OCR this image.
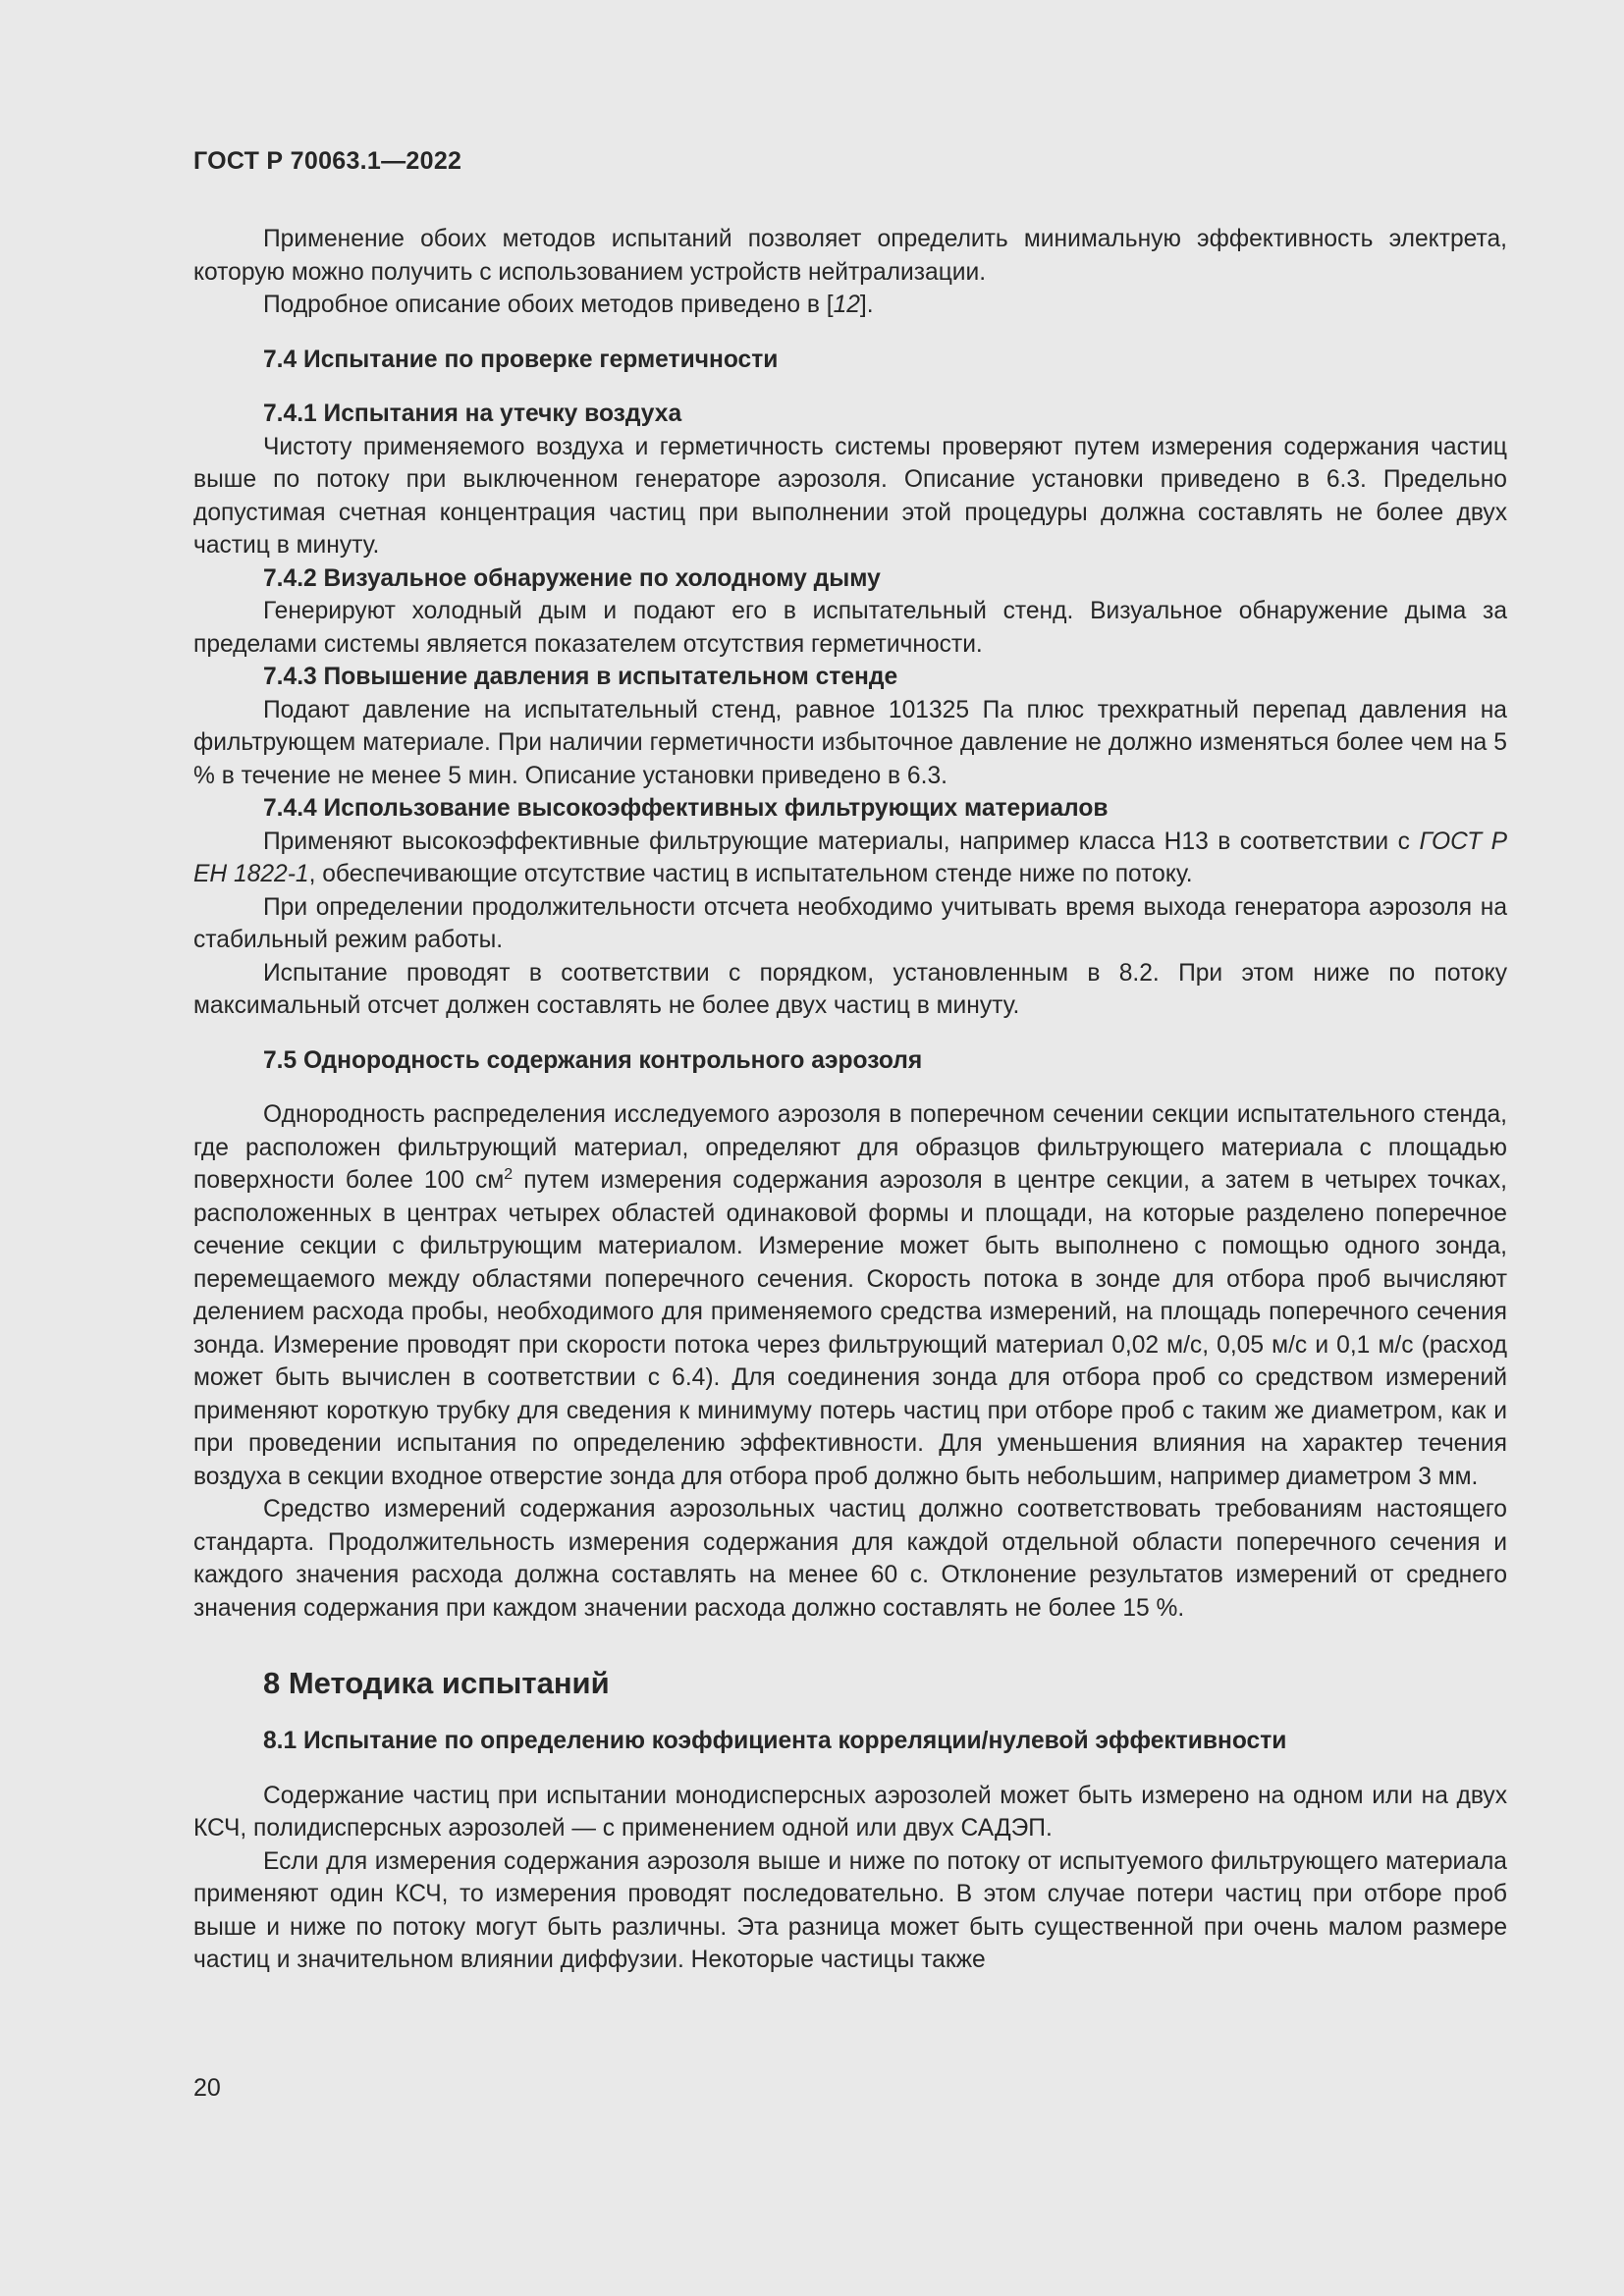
ГОСТ Р 70063.1—2022

Применение обоих методов испытаний позволяет определить минимальную эффективность электрета, которую можно получить с использованием устройств нейтрализации.

Подробное описание обоих методов приведено в [12].

7.4 Испытание по проверке герметичности
7.4.1 Испытания на утечку воздуха

Чистоту применяемого воздуха и герметичность системы проверяют путем измерения содержания частиц выше по потоку при выключенном генераторе аэрозоля. Описание установки приведено в 6.3. Предельно допустимая счетная концентрация частиц при выполнении этой процедуры должна составлять не более двух частиц в минуту.

7.4.2 Визуальное обнаружение по холодному дыму

Генерируют холодный дым и подают его в испытательный стенд. Визуальное обнаружение дыма за пределами системы является показателем отсутствия герметичности.

7.4.3 Повышение давления в испытательном стенде

Подают давление на испытательный стенд, равное 101325 Па плюс трехкратный перепад давления на фильтрующем материале. При наличии герметичности избыточное давление не должно изменяться более чем на 5 % в течение не менее 5 мин. Описание установки приведено в 6.3.

7.4.4 Использование высокоэффективных фильтрующих материалов

Применяют высокоэффективные фильтрующие материалы, например класса Н13 в соответствии с ГОСТ Р ЕН 1822-1, обеспечивающие отсутствие частиц в испытательном стенде ниже по потоку.

При определении продолжительности отсчета необходимо учитывать время выхода генератора аэрозоля на стабильный режим работы.

Испытание проводят в соответствии с порядком, установленным в 8.2. При этом ниже по потоку максимальный отсчет должен составлять не более двух частиц в минуту.

7.5 Однородность содержания контрольного аэрозоля

Однородность распределения исследуемого аэрозоля в поперечном сечении секции испытательного стенда, где расположен фильтрующий материал, определяют для образцов фильтрующего материала с площадью поверхности более 100 $см^2$ путем измерения содержания аэрозоля в центре секции, а затем в четырех точках, расположенных в центрах четырех областей одинаковой формы и площади, на которые разделено поперечное сечение секции с фильтрующим материалом. Измерение может быть выполнено с помощью одного зонда, перемещаемого между областями поперечного сечения. Скорость потока в зонде для отбора проб вычисляют делением расхода пробы, необходимого для применяемого средства измерений, на площадь поперечного сечения зонда. Измерение проводят при скорости потока через фильтрующий материал 0,02 м/с, 0,05 м/с и 0,1 м/с (расход может быть вычислен в соответствии с 6.4). Для соединения зонда для отбора проб со средством измерений применяют короткую трубку для сведения к минимуму потерь частиц при отборе проб с таким же диаметром, как и при проведении испытания по определению эффективности. Для уменьшения влияния на характер течения воздуха в секции входное отверстие зонда для отбора проб должно быть небольшим, например диаметром 3 мм.

Средство измерений содержания аэрозольных частиц должно соответствовать требованиям настоящего стандарта. Продолжительность измерения содержания для каждой отдельной области поперечного сечения и каждого значения расхода должна составлять на менее 60 с. Отклонение результатов измерений от среднего значения содержания при каждом значении расхода должно составлять не более 15 %.

8 Методика испытаний
8.1 Испытание по определению коэффициента корреляции/нулевой эффективности

Содержание частиц при испытании монодисперсных аэрозолей может быть измерено на одном или на двух КСЧ, полидисперсных аэрозолей — с применением одной или двух САДЭП.

Если для измерения содержания аэрозоля выше и ниже по потоку от испытуемого фильтрующего материала применяют один КСЧ, то измерения проводят последовательно. В этом случае потери частиц при отборе проб выше и ниже по потоку могут быть различны. Эта разница может быть существенной при очень малом размере частиц и значительном влиянии диффузии. Некоторые частицы также

20
